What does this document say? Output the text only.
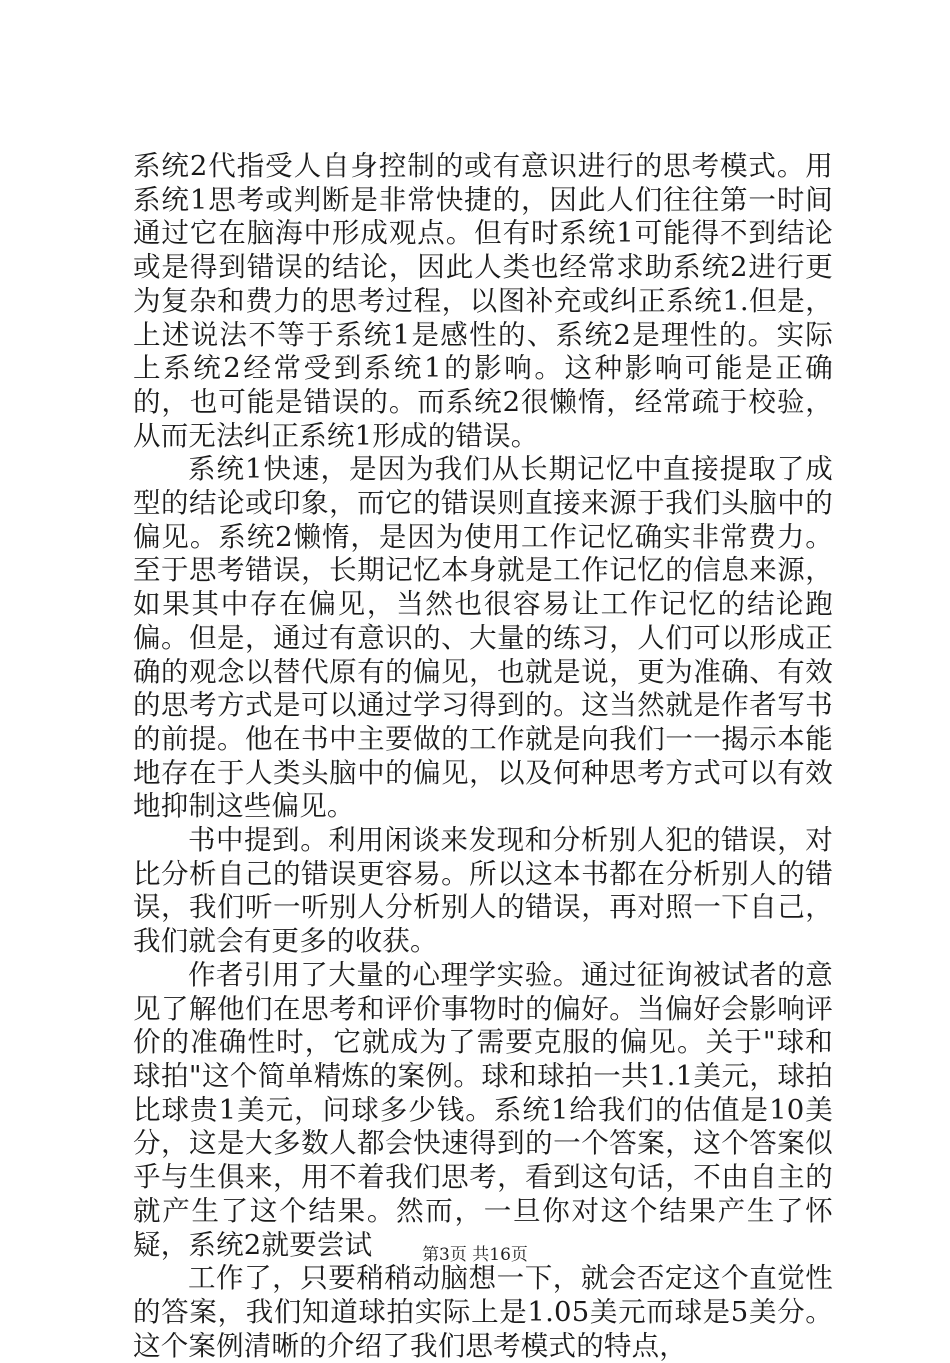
系统2代指受人自身控制的或有意识进行的思考模式。用系统1思考或判断是非常快捷的，因此人们往往第一时间通过它在脑海中形成观点。但有时系统1可能得不到结论或是得到错误的结论，因此人类也经常求助系统2进行更为复杂和费力的思考过程，以图补充或纠正系统1.但是，上述说法不等于系统1是感性的、系统2是理性的。实际上系统2经常受到系统1的影响。这种影响可能是正确的，也可能是错误的。而系统2很懒惰，经常疏于校验，从而无法纠正系统1形成的错误。

系统1快速，是因为我们从长期记忆中直接提取了成型的结论或印象，而它的错误则直接来源于我们头脑中的偏见。系统2懒惰，是因为使用工作记忆确实非常费力。至于思考错误，长期记忆本身就是工作记忆的信息来源，如果其中存在偏见，当然也很容易让工作记忆的结论跑偏。但是，通过有意识的、大量的练习，人们可以形成正确的观念以替代原有的偏见，也就是说，更为准确、有效的思考方式是可以通过学习得到的。这当然就是作者写书的前提。他在书中主要做的工作就是向我们一一揭示本能地存在于人类头脑中的偏见，以及何种思考方式可以有效地抑制这些偏见。

书中提到。利用闲谈来发现和分析别人犯的错误，对比分析自己的错误更容易。所以这本书都在分析别人的错误，我们听一听别人分析别人的错误，再对照一下自己，我们就会有更多的收获。

作者引用了大量的心理学实验。通过征询被试者的意见了解他们在思考和评价事物时的偏好。当偏好会影响评价的准确性时，它就成为了需要克服的偏见。关于"球和球拍"这个简单精炼的案例。球和球拍一共1.1美元，球拍比球贵1美元，问球多少钱。系统1给我们的估值是10美分，这是大多数人都会快速得到的一个答案，这个答案似乎与生俱来，用不着我们思考，看到这句话，不由自主的就产生了这个结果。然而，一旦你对这个结果产生了怀疑，系统2就要尝试

工作了，只要稍稍动脑想一下，就会否定这个直觉性的答案，我们知道球拍实际上是1.05美元而球是5美分。这个案例清晰的介绍了我们思考模式的特点，

第3页 共16页
